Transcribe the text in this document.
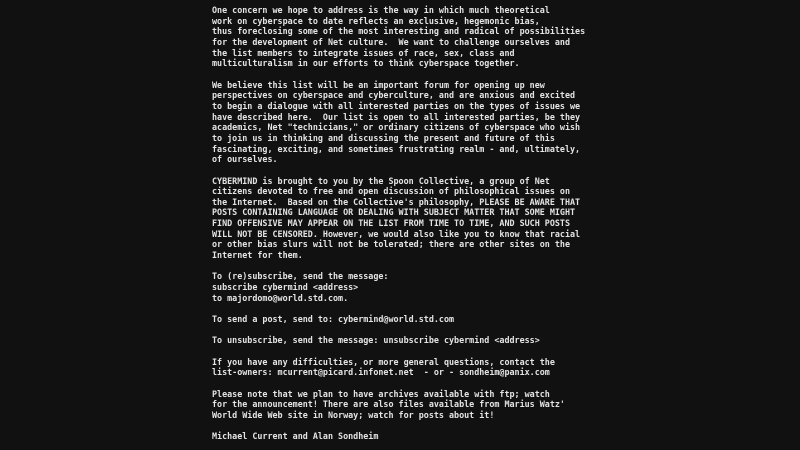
One concern we hope to address is the way in which much theoretical
work on cyberspace to date reflects an exclusive, hegemonic bias,
thus foreclosing some of the most interesting and radical of possibilities
for the development of Net culture.  We want to challenge ourselves and
the list members to integrate issues of race, sex, class and
multiculturalism in our efforts to think cyberspace together.
We believe this list will be an important forum for opening up new
perspectives on cyberspace and cyberculture, and are anxious and excited
to begin a dialogue with all interested parties on the types of issues we
have described here.  Our list is open to all interested parties, be they
academics, Net "technicians," or ordinary citizens of cyberspace who wish
to join us in thinking and discussing the present and future of this
fascinating, exciting, and sometimes frustrating realm - and, ultimately,
of ourselves.
CYBERMIND is brought to you by the Spoon Collective, a group of Net
citizens devoted to free and open discussion of philosophical issues on
the Internet.  Based on the Collective's philosophy, PLEASE BE AWARE THAT
POSTS CONTAINING LANGUAGE OR DEALING WITH SUBJECT MATTER THAT SOME MIGHT
FIND OFFENSIVE MAY APPEAR ON THE LIST FROM TIME TO TIME, AND SUCH POSTS
WILL NOT BE CENSORED. However, we would also like you to know that racial
or other bias slurs will not be tolerated; there are other sites on the
Internet for them.
To (re)subscribe, send the message:
subscribe cybermind <address>
to majordomo@world.std.com.
To send a post, send to: cybermind@world.std.com
To unsubscribe, send the message: unsubscribe cybermind <address>
If you have any difficulties, or more general questions, contact the
list-owners: mcurrent@picard.infonet.net  - or - sondheim@panix.com
Please note that we plan to have archives available with ftp; watch
for the announcement! There are also files available from Marius Watz'
World Wide Web site in Norway; watch for posts about it!
Michael Current and Alan Sondheim
